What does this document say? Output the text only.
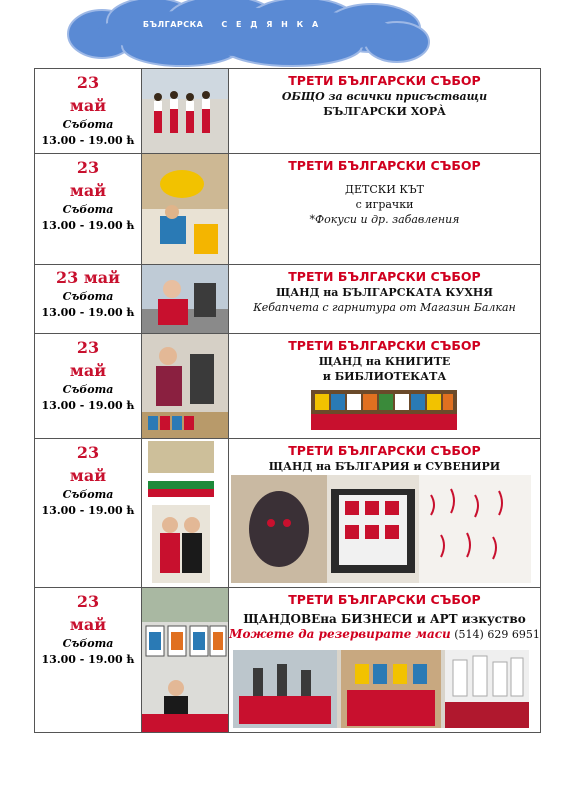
БЪЛГАРСКА С Е Д Я Н К А
23
май
Събота
13.00 - 19.00 ћ		ТРЕТИ БЪЛГАРСКИ СЪБОР
ОБЩО за всички присъстващи
БЪЛГАРСКИ ХОРÀ

23
май
Събота
13.00 - 19.00 ћ		ТРЕТИ БЪЛГАРСКИ СЪБОР
ДЕТСКИ КЪТ
с играчки
*Фокуси и др. забавления

23 май
Събота
13.00 - 19.00 ћ		ТРЕТИ БЪЛГАРСКИ СЪБОР
ЩАНД на БЪЛГАРСКАТА КУХНЯ
Кебапчета с гарнитура от Магазин Балкан

23
май
Събота
13.00 - 19.00 ћ		ТРЕТИ БЪЛГАРСКИ СЪБОР
ЩАНД на КНИГИТЕ
и БИБЛИОТЕКАТА

23
май
Събота
13.00 - 19.00 ћ		ТРЕТИ БЪЛГАРСКИ СЪБОР
ЩАНД на БЪЛГАРИЯ и СУВЕНИРИ

23
май
Събота
13.00 - 19.00 ћ		ТРЕТИ БЪЛГАРСКИ СЪБОР
ЩАНДОВЕна БИЗНЕСИ и АРТ изкуство
Можете да резервирате маси (514) 629 6951
